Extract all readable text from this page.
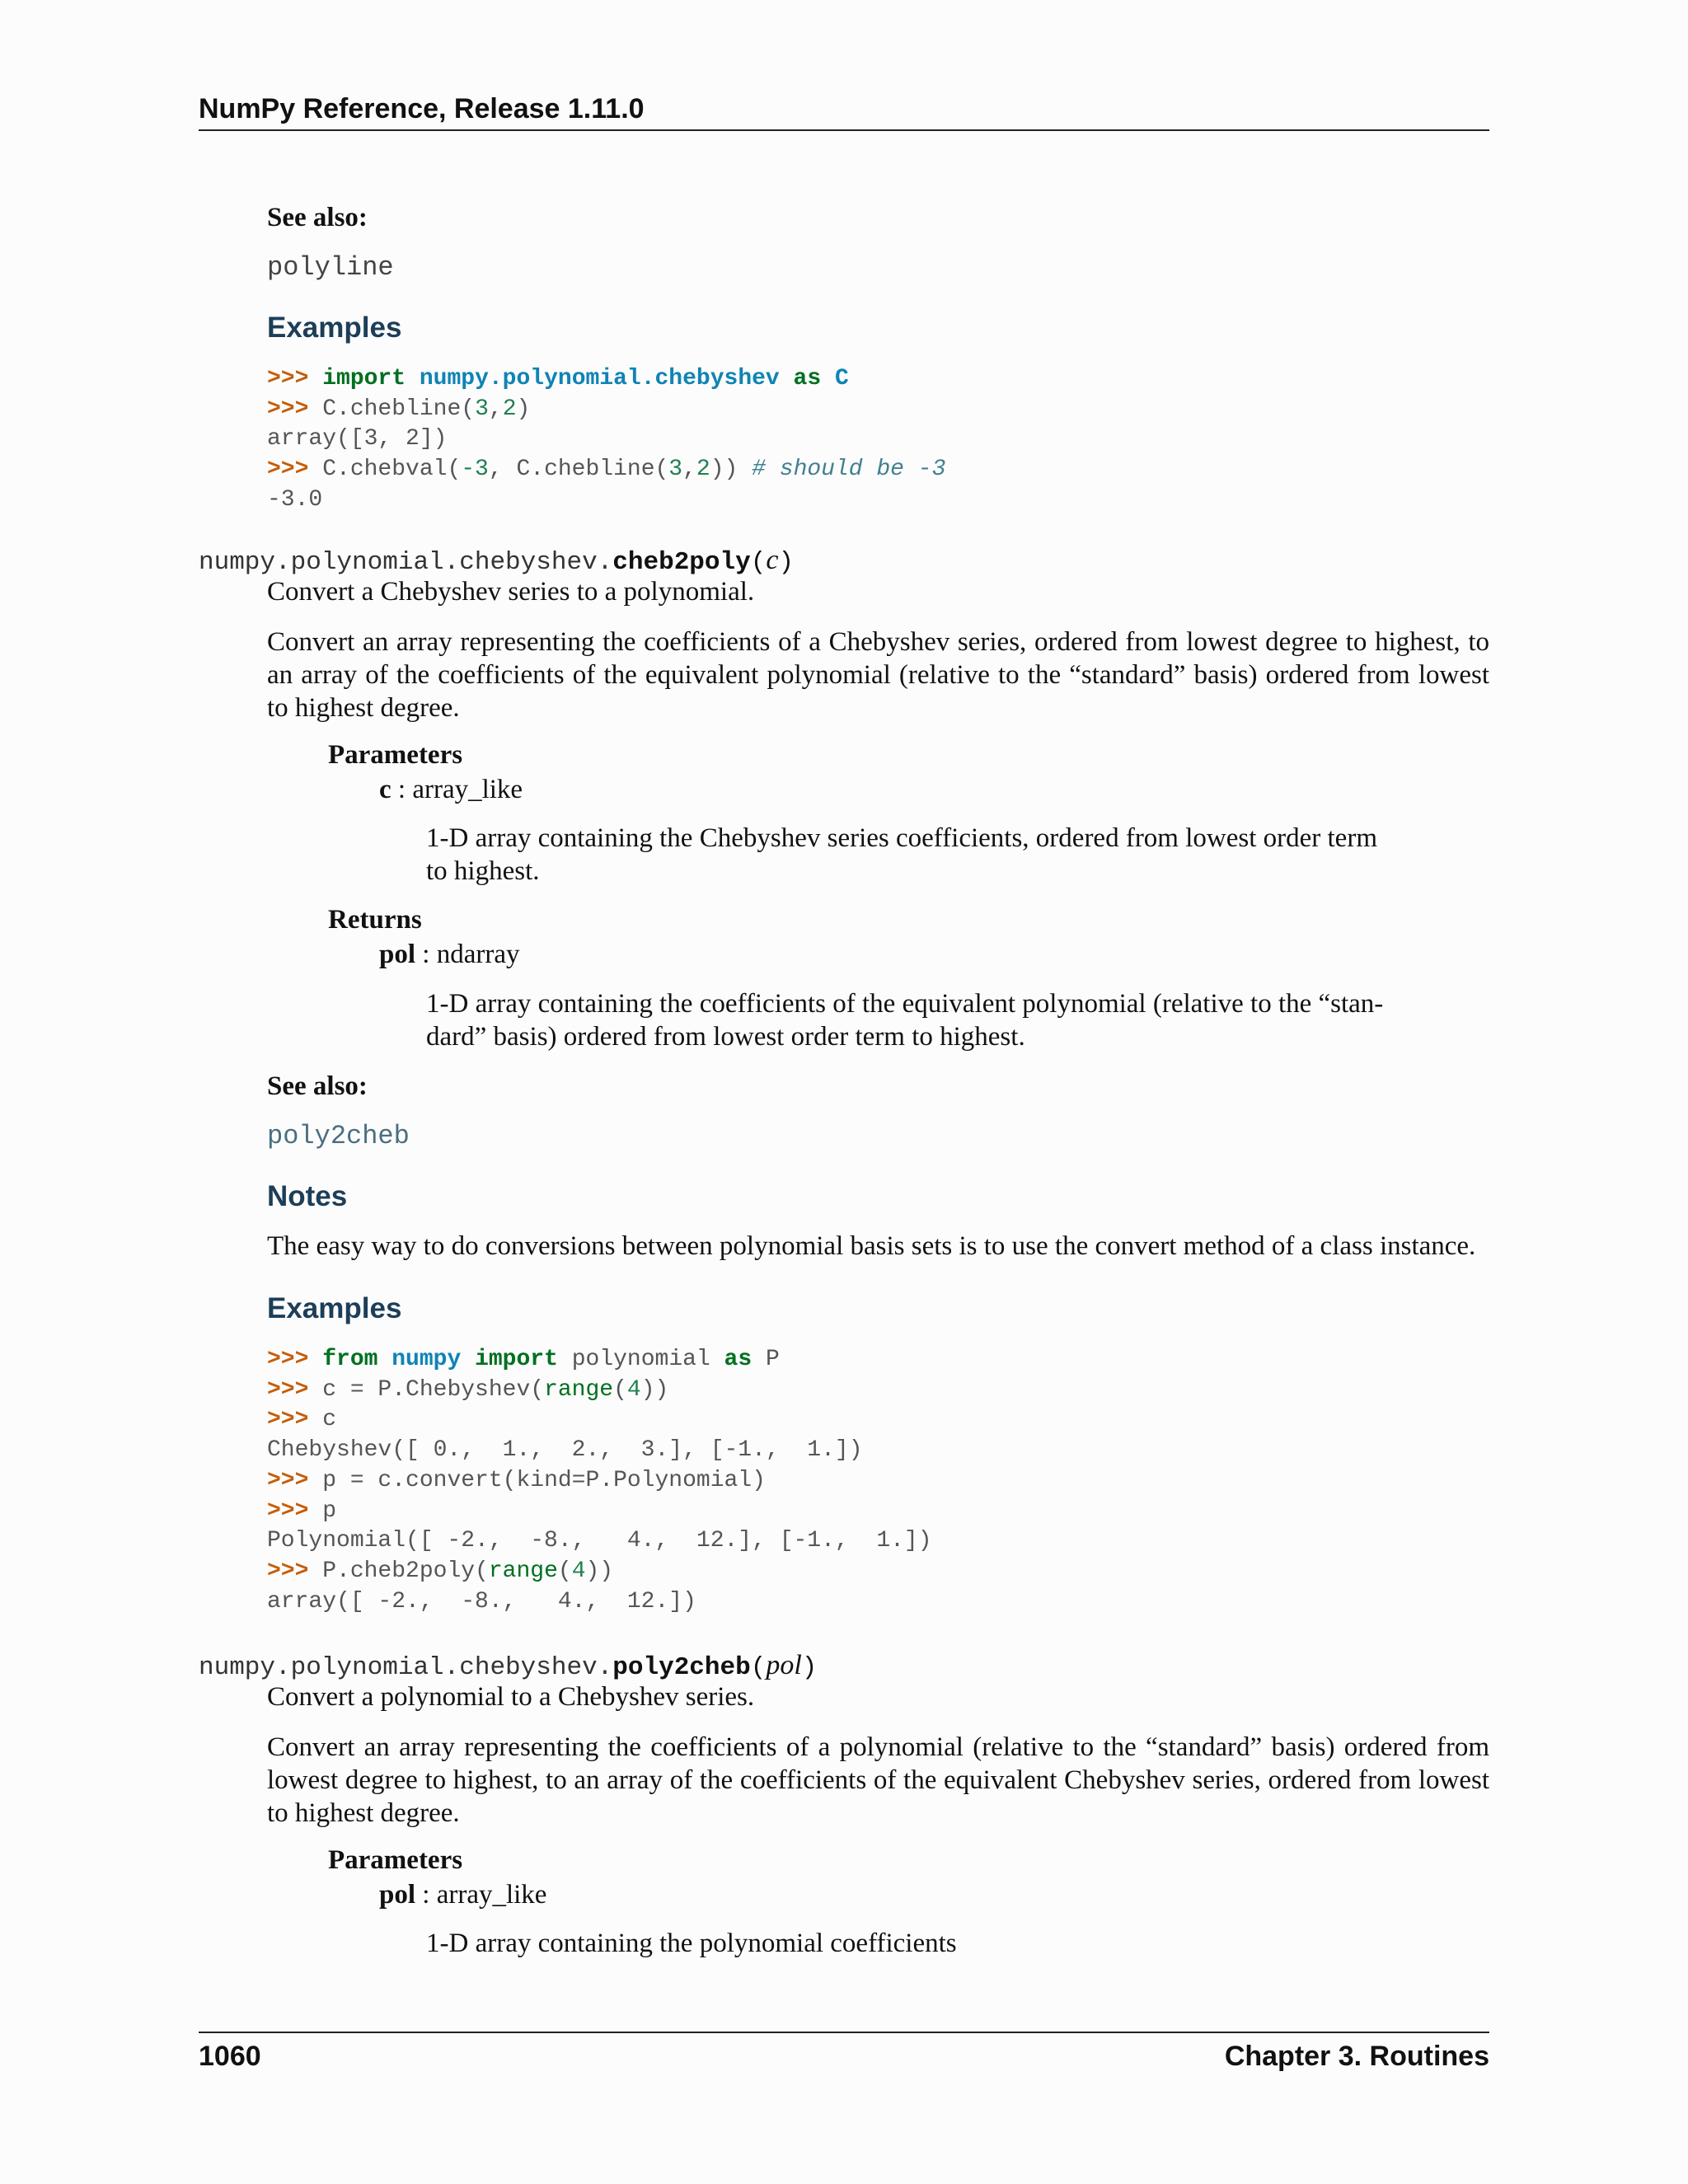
NumPy Reference, Release 1.11.0
See also:
polyline
Examples
>>> import numpy.polynomial.chebyshev as C
>>> C.chebline(3,2)
array([3, 2])
>>> C.chebval(-3, C.chebline(3,2)) # should be -3
-3.0
numpy.polynomial.chebyshev.cheb2poly(c)
Convert a Chebyshev series to a polynomial.
Convert an array representing the coefficients of a Chebyshev series, ordered from lowest degree to highest, to an array of the coefficients of the equivalent polynomial (relative to the “standard” basis) ordered from lowest to highest degree.
Parameters
c : array_like
1-D array containing the Chebyshev series coefficients, ordered from lowest order term
to highest.
Returns
pol : ndarray
1-D array containing the coefficients of the equivalent polynomial (relative to the “stan-
dard” basis) ordered from lowest order term to highest.
See also:
poly2cheb
Notes
The easy way to do conversions between polynomial basis sets is to use the convert method of a class instance.
Examples
>>> from numpy import polynomial as P
>>> c = P.Chebyshev(range(4))
>>> c
Chebyshev([ 0.,  1.,  2.,  3.], [-1.,  1.])
>>> p = c.convert(kind=P.Polynomial)
>>> p
Polynomial([ -2.,  -8.,   4.,  12.], [-1.,  1.])
>>> P.cheb2poly(range(4))
array([ -2.,  -8.,   4.,  12.])
numpy.polynomial.chebyshev.poly2cheb(pol)
Convert a polynomial to a Chebyshev series.
Convert an array representing the coefficients of a polynomial (relative to the “standard” basis) ordered from lowest degree to highest, to an array of the coefficients of the equivalent Chebyshev series, ordered from lowest to highest degree.
Parameters
pol : array_like
1-D array containing the polynomial coefficients
1060	Chapter 3. Routines
